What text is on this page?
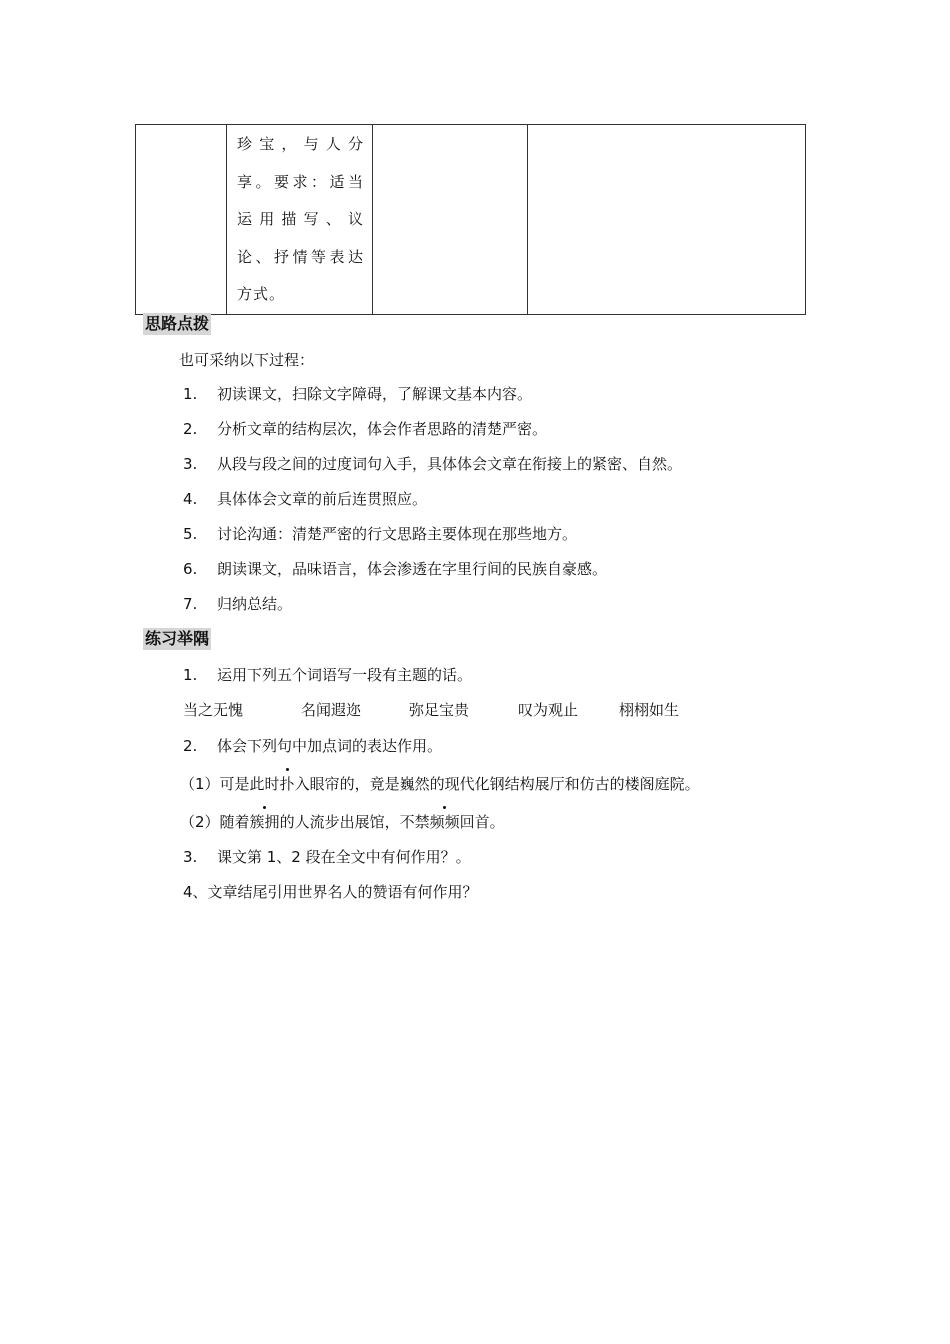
珍宝，与人分
享。要求：适当
运用描写、议
论、抒情等表达
方式。

思路点拨
也可采纳以下过程：
1. 初读课文，扫除文字障碍，了解课文基本内容。
2. 分析文章的结构层次，体会作者思路的清楚严密。
3. 从段与段之间的过度词句入手，具体体会文章在衔接上的紧密、自然。
4. 具体体会文章的前后连贯照应。
5. 讨论沟通：清楚严密的行文思路主要体现在那些地方。
6. 朗读课文，品味语言，体会渗透在字里行间的民族自豪感。
7. 归纳总结。
练习举隅
1. 运用下列五个词语写一段有主题的话。
当之无愧	名闻遐迩	弥足宝贵	叹为观止	栩栩如生
2. 体会下列句中加点词的表达作用。
（1）可是此时扑入眼帘的，竟是巍然的现代化钢结构展厅和仿古的楼阁庭院。
（2）随着簇拥的人流步出展馆，不禁频频回首。
3. 课文第 1、2 段在全文中有何作用？。
4、文章结尾引用世界名人的赞语有何作用？
